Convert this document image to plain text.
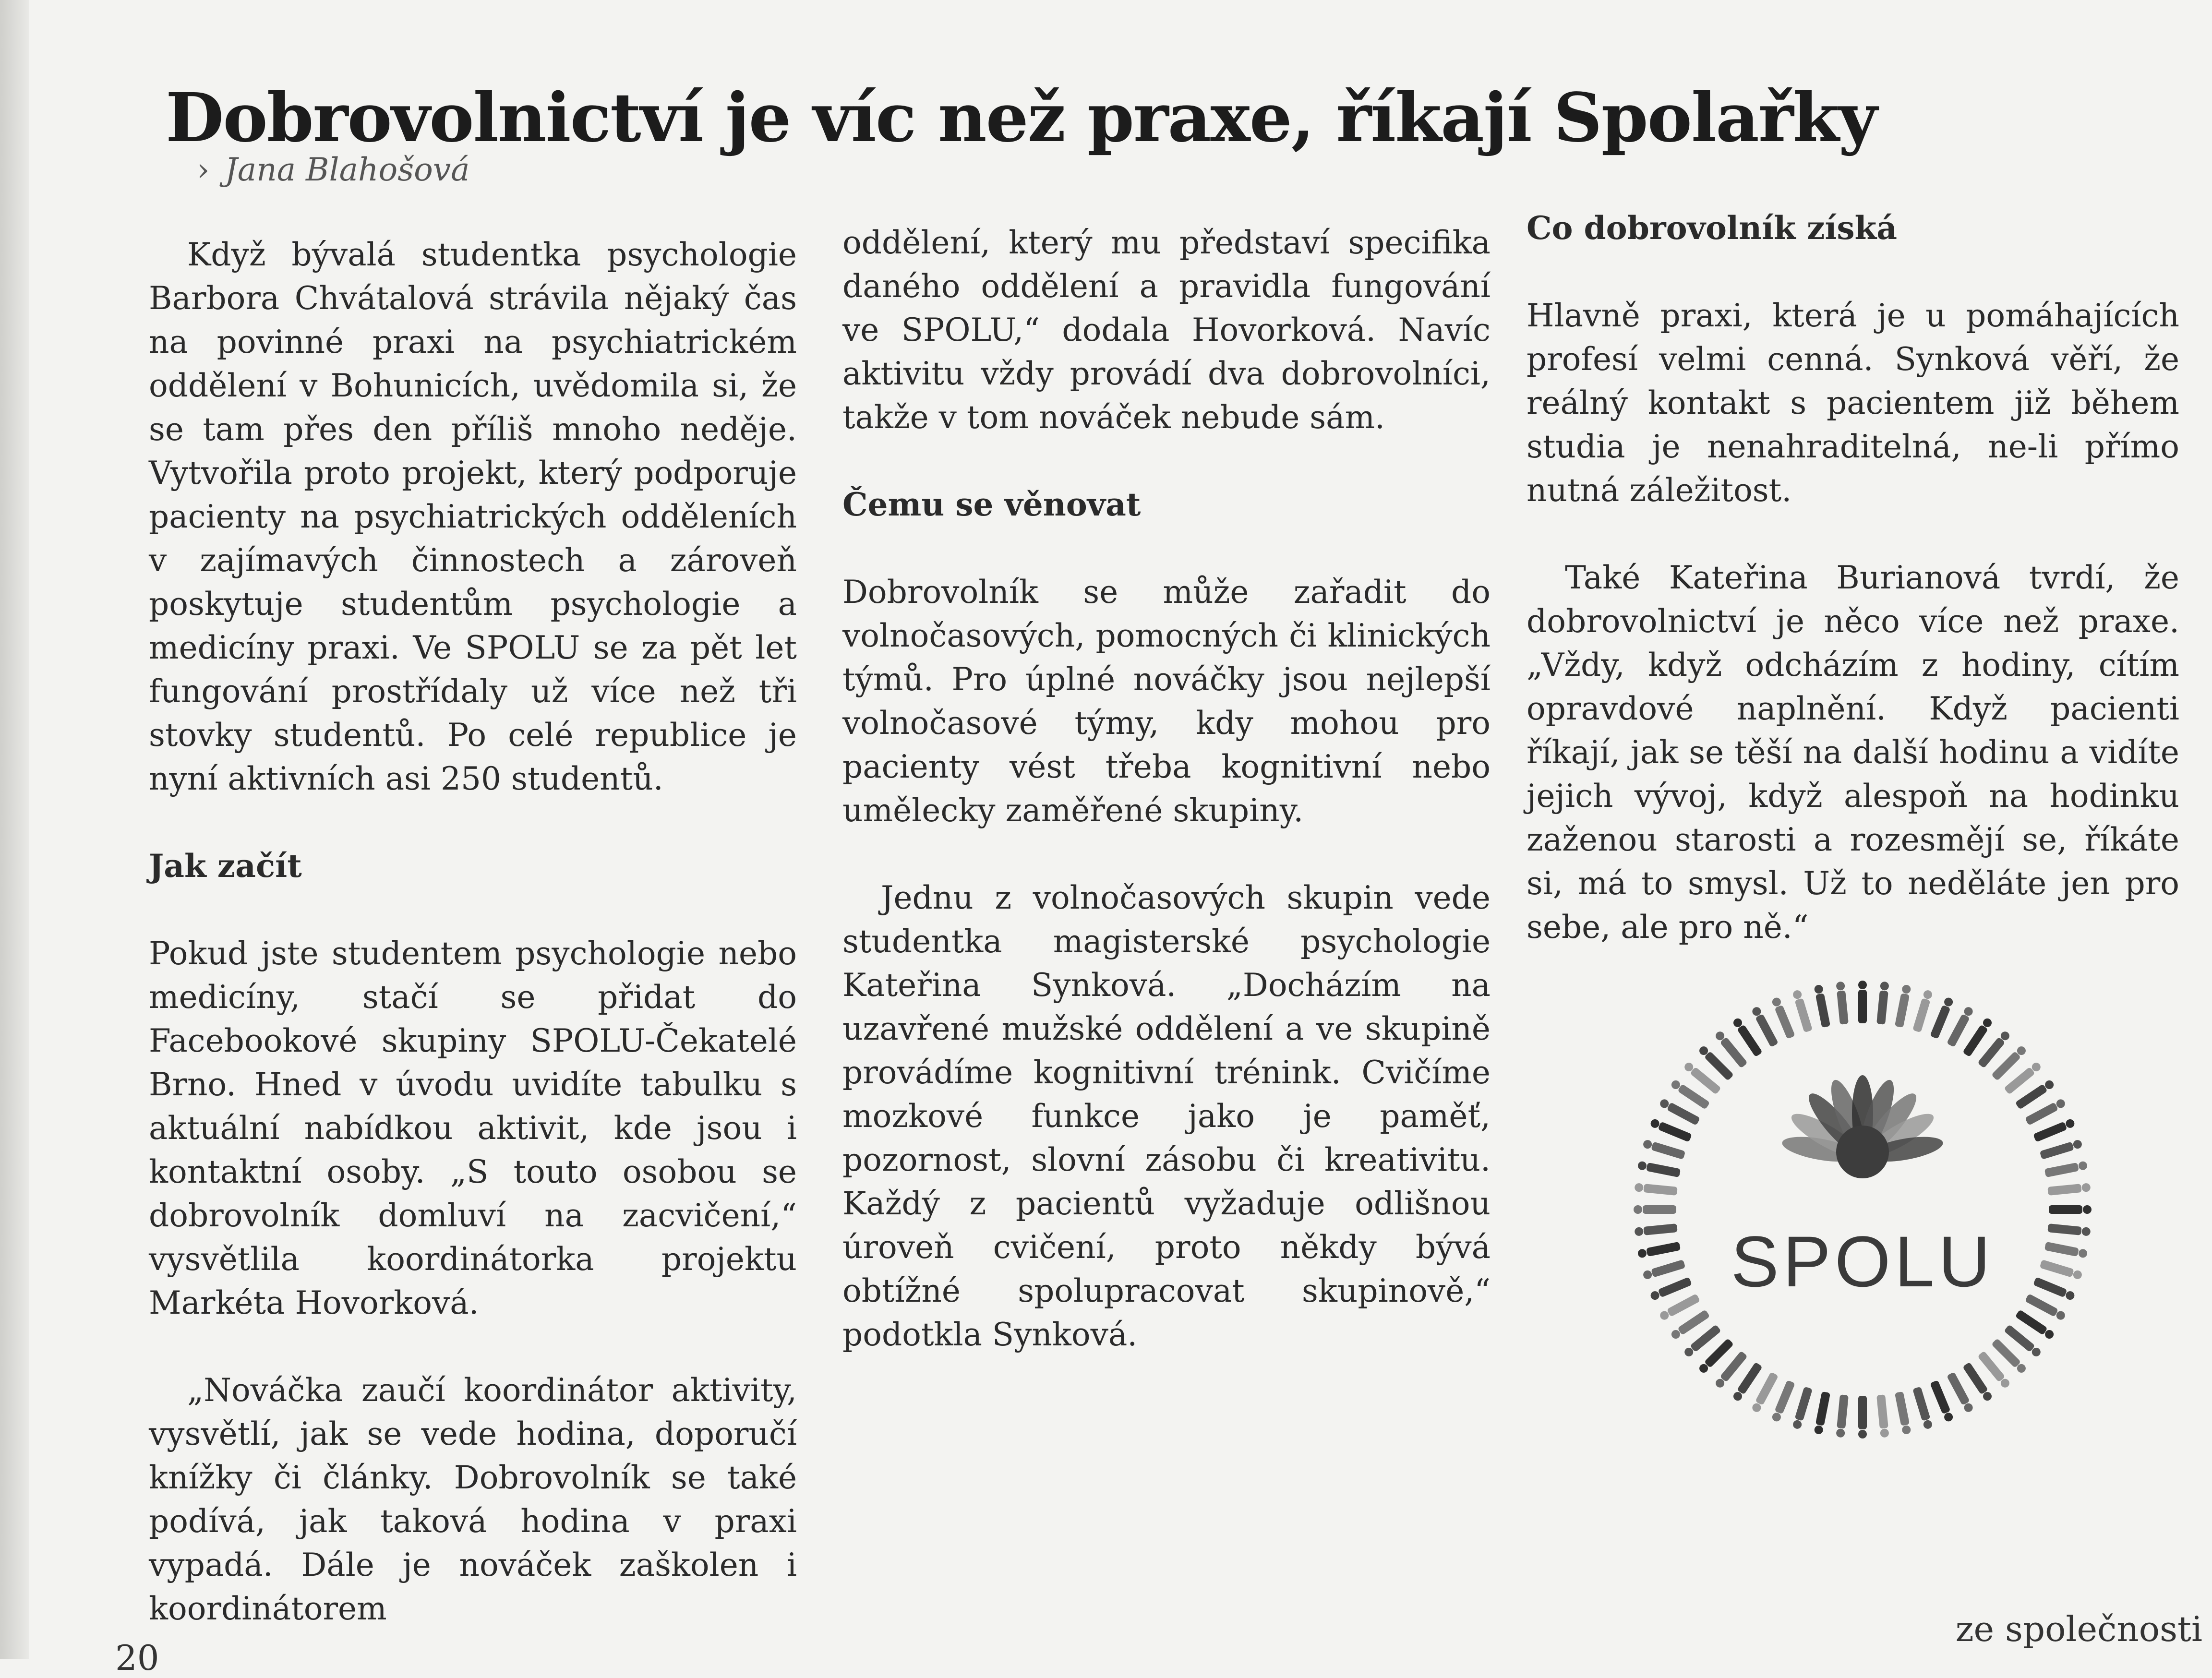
Dobrovolnictví je víc než praxe, říkají Spolařky
› Jana Blahošová

Když bývalá studentka psychologie Barbora Chvátalová strávila nějaký čas na povinné praxi na psychiatrickém oddělení v Bohunicích, uvědomila si, že se tam přes den příliš mnoho neděje. Vytvořila proto projekt, který podporuje pacienty na psychiatrických odděleních v zajímavých činnostech a zároveň poskytuje studentům psychologie a medicíny praxi. Ve SPOLU se za pět let fungování prostřídaly už více než tři stovky studentů. Po celé republice je nyní aktivních asi 250 studentů.

Jak začít

Pokud jste studentem psychologie nebo medicíny, stačí se přidat do Facebookové skupiny SPOLU-Čekatelé Brno. Hned v úvodu uvidíte tabulku s aktuální nabídkou aktivit, kde jsou i kontaktní osoby. „S touto osobou se dobrovolník domluví na zacvičení,“ vysvětlila koordinátorka projektu Markéta Hovorková.

„Nováčka zaučí koordinátor aktivity, vysvětlí, jak se vede hodina, doporučí knížky či články. Dobrovolník se také podívá, jak taková hodina v praxi vypadá. Dále je nováček zaškolen i koordinátorem

oddělení, který mu představí specifika daného oddělení a pravidla fungování ve SPOLU,“ dodala Hovorková. Navíc aktivitu vždy provádí dva dobrovolníci, takže v tom nováček nebude sám.

Čemu se věnovat

Dobrovolník se může zařadit do volnočasových, pomocných či klinických týmů. Pro úplné nováčky jsou nejlepší volnočasové týmy, kdy mohou pro pacienty vést třeba kognitivní nebo umělecky zaměřené skupiny.

Jednu z volnočasových skupin vede studentka magisterské psychologie Kateřina Synková. „Docházím na uzavřené mužské oddělení a ve skupině provádíme kognitivní trénink. Cvičíme mozkové funkce jako je paměť, pozornost, slovní zásobu či kreativitu. Každý z pacientů vyžaduje odlišnou úroveň cvičení, proto někdy bývá obtížné spolupracovat skupinově,“ podotkla Synková.

Co dobrovolník získá

Hlavně praxi, která je u pomáhajících profesí velmi cenná. Synková věří, že reálný kontakt s pacientem již během studia je nenahraditelná, ne-li přímo nutná záležitost.

Také Kateřina Burianová tvrdí, že dobrovolnictví je něco více než praxe. „Vždy, když odcházím z hodiny, cítím opravdové naplnění. Když pacienti říkají, jak se těší na další hodinu a vidíte jejich vývoj, když alespoň na hodinku zaženou starosti a rozesmějí se, říkáte si, má to smysl. Už to neděláte jen pro sebe, ale pro ně.“

SPOLU
ze společnosti
20
